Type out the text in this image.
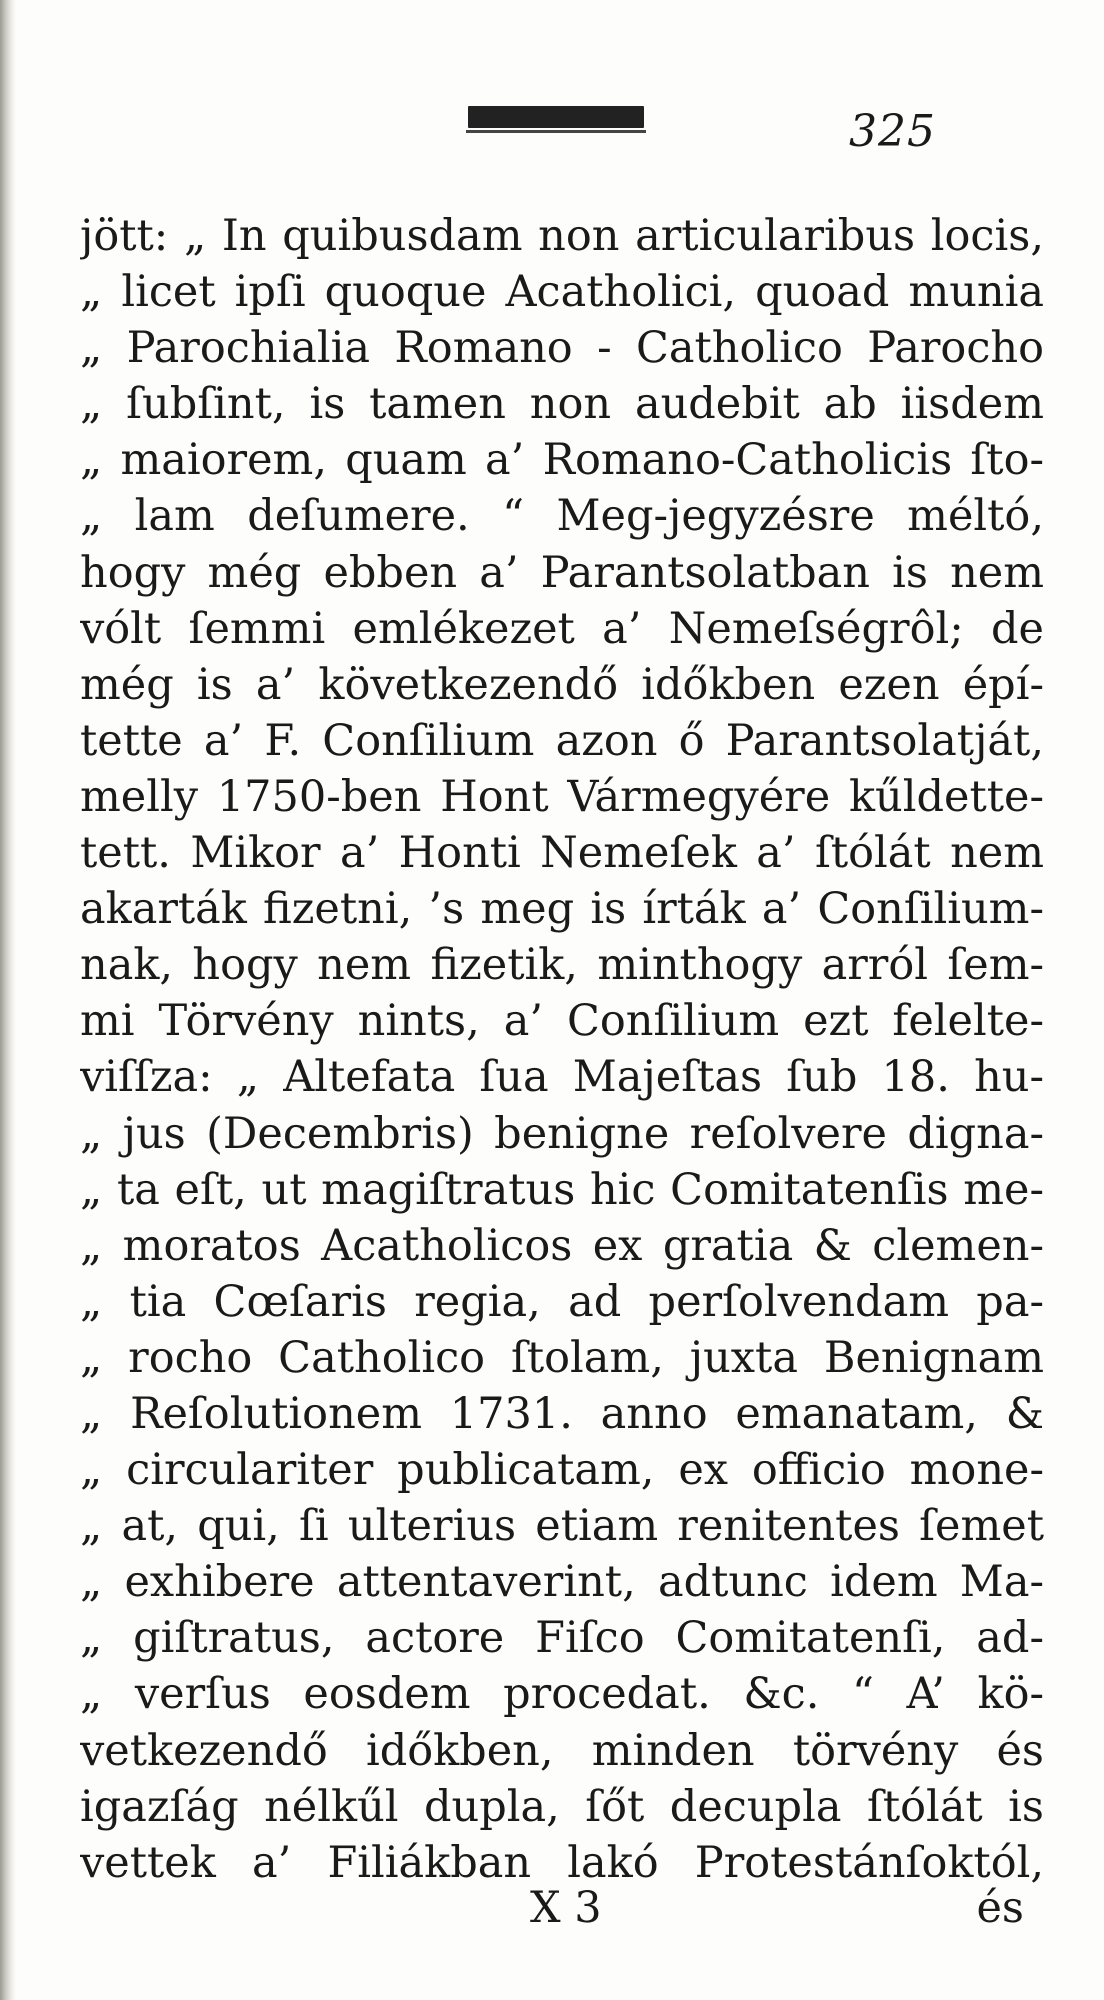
325
jött: „ In quibusdam non articularibus locis,
„ licet ipſi quoque Acatholici, quoad munia
„ Parochialia Romano - Catholico Parocho
„ ſubſint, is tamen non audebit ab iisdem
„ maiorem, quam a’ Romano-Catholicis ſto-
„ lam deſumere. “ Meg-jegyzésre méltó,
hogy még ebben a’ Parantsolatban is nem
vólt ſemmi emlékezet a’ Nemeſségrôl; de
még is a’ következendő időkben ezen épí-
tette a’ F. Conſilium azon ő Parantsolatját,
melly 1750-ben Hont Vármegyére kűldette-
tett. Mikor a’ Honti Nemeſek a’ ſtólát nem
akarták fizetni, ’s meg is írták a’ Conſilium-
nak, hogy nem fizetik, minthogy arról ſem-
mi Törvény nints, a’ Conſilium ezt felelte-
viſſza: „ Altefata ſua Majeſtas ſub 18. hu-
„ jus (Decembris) benigne reſolvere digna-
„ ta eſt, ut magiſtratus hic Comitatenſis me-
„ moratos Acatholicos ex gratia & clemen-
„ tia Cœſaris regia, ad perſolvendam pa-
„ rocho Catholico ſtolam, juxta Benignam
„ Reſolutionem 1731. anno emanatam, &
„ circulariter publicatam, ex officio mone-
„ at, qui, ſi ulterius etiam renitentes ſemet
„ exhibere attentaverint, adtunc idem Ma-
„ giſtratus, actore Fiſco Comitatenſi, ad-
„ verſus eosdem procedat. &c. “ A’ kö-
vetkezendő időkben, minden törvény és
igazſág nélkűl dupla, ſőt decupla ſtólát is
vettek a’ Filiákban lakó Protestánſoktól,
X 3	és
